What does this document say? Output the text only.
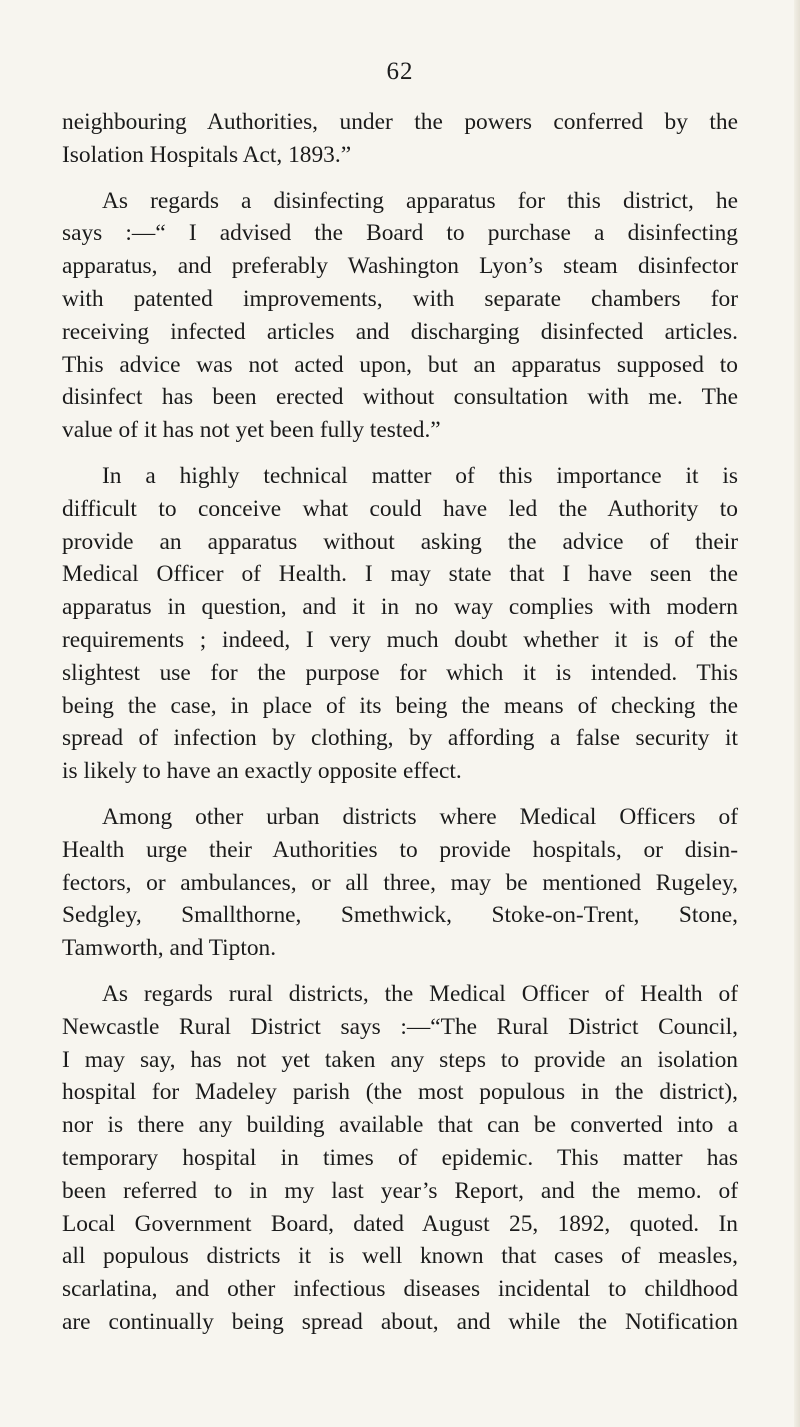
62
neighbouring Authorities, under the powers conferred by the
Isolation Hospitals Act, 1893.”
As regards a disinfecting apparatus for this district, he
says :—“ I advised the Board to purchase a disinfecting
apparatus, and preferably Washington Lyon’s steam disinfector
with patented improvements, with separate chambers for
receiving infected articles and discharging disinfected articles.
This advice was not acted upon, but an apparatus supposed to
disinfect has been erected without consultation with me. The
value of it has not yet been fully tested.”
In a highly technical matter of this importance it is
difficult to conceive what could have led the Authority to
provide an apparatus without asking the advice of their
Medical Officer of Health. I may state that I have seen the
apparatus in question, and it in no way complies with modern
requirements ; indeed, I very much doubt whether it is of the
slightest use for the purpose for which it is intended. This
being the case, in place of its being the means of checking the
spread of infection by clothing, by affording a false security it
is likely to have an exactly opposite effect.
Among other urban districts where Medical Officers of
Health urge their Authorities to provide hospitals, or disin-
fectors, or ambulances, or all three, may be mentioned Rugeley,
Sedgley, Smallthorne, Smethwick, Stoke-on-Trent, Stone,
Tamworth, and Tipton.
As regards rural districts, the Medical Officer of Health of
Newcastle Rural District says :—“The Rural District Council,
I may say, has not yet taken any steps to provide an isolation
hospital for Madeley parish (the most populous in the district),
nor is there any building available that can be converted into a
temporary hospital in times of epidemic. This matter has
been referred to in my last year’s Report, and the memo. of
Local Government Board, dated August 25, 1892, quoted. In
all populous districts it is well known that cases of measles,
scarlatina, and other infectious diseases incidental to childhood
are continually being spread about, and while the Notification
